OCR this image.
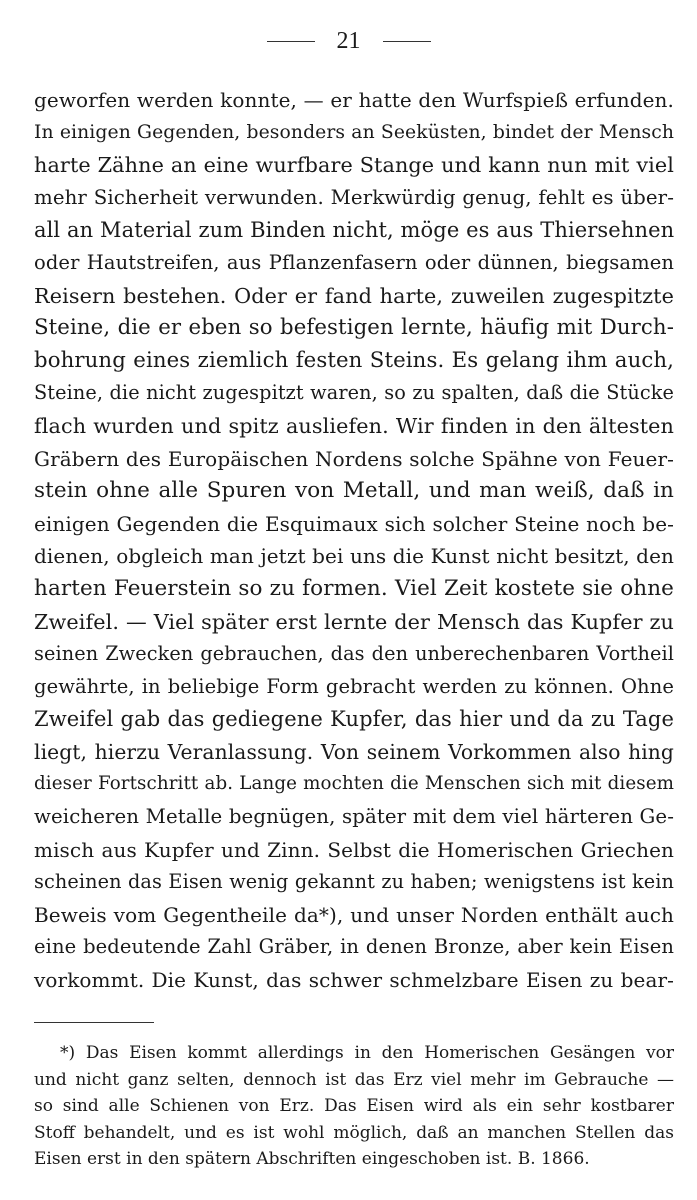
21
geworfen werden konnte, — er hatte den Wurfspieß erfunden.
In einigen Gegenden, besonders an Seeküsten, bindet der Mensch
harte Zähne an eine wurfbare Stange und kann nun mit viel
mehr Sicherheit verwunden. Merkwürdig genug, fehlt es über-
all an Material zum Binden nicht, möge es aus Thiersehnen
oder Hautstreifen, aus Pflanzenfasern oder dünnen, biegsamen
Reisern bestehen. Oder er fand harte, zuweilen zugespitzte
Steine, die er eben so befestigen lernte, häufig mit Durch-
bohrung eines ziemlich festen Steins. Es gelang ihm auch,
Steine, die nicht zugespitzt waren, so zu spalten, daß die Stücke
flach wurden und spitz ausliefen. Wir finden in den ältesten
Gräbern des Europäischen Nordens solche Spähne von Feuer-
stein ohne alle Spuren von Metall, und man weiß, daß in
einigen Gegenden die Esquimaux sich solcher Steine noch be-
dienen, obgleich man jetzt bei uns die Kunst nicht besitzt, den
harten Feuerstein so zu formen. Viel Zeit kostete sie ohne
Zweifel. — Viel später erst lernte der Mensch das Kupfer zu
seinen Zwecken gebrauchen, das den unberechenbaren Vortheil
gewährte, in beliebige Form gebracht werden zu können. Ohne
Zweifel gab das gediegene Kupfer, das hier und da zu Tage
liegt, hierzu Veranlassung. Von seinem Vorkommen also hing
dieser Fortschritt ab. Lange mochten die Menschen sich mit diesem
weicheren Metalle begnügen, später mit dem viel härteren Ge-
misch aus Kupfer und Zinn. Selbst die Homerischen Griechen
scheinen das Eisen wenig gekannt zu haben; wenigstens ist kein
Beweis vom Gegentheile da*), und unser Norden enthält auch
eine bedeutende Zahl Gräber, in denen Bronze, aber kein Eisen
vorkommt. Die Kunst, das schwer schmelzbare Eisen zu bear-
*) Das Eisen kommt allerdings in den Homerischen Gesängen vor
und nicht ganz selten, dennoch ist das Erz viel mehr im Gebrauche —
so sind alle Schienen von Erz. Das Eisen wird als ein sehr kostbarer
Stoff behandelt, und es ist wohl möglich, daß an manchen Stellen das
Eisen erst in den spätern Abschriften eingeschoben ist. B. 1866.
